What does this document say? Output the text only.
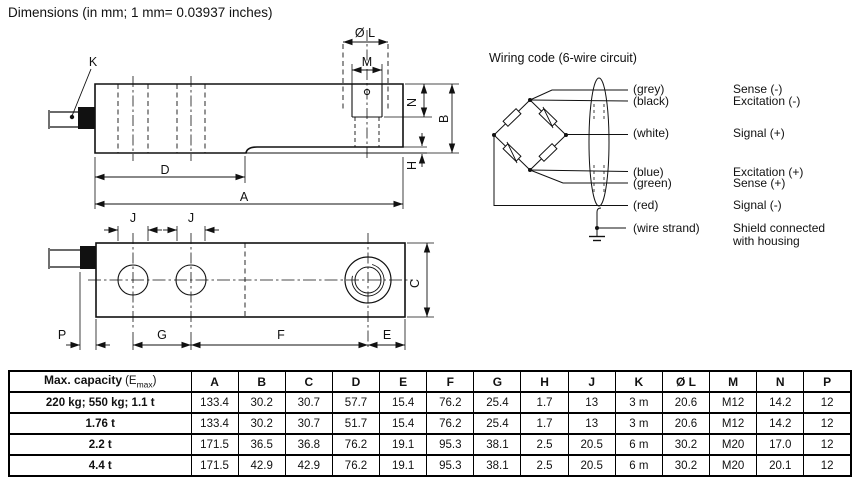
Dimensions (in mm; 1 mm= 0.03937 inches)
K
Ø L
M
N
B
H
D
A
J	J
C
P	G	F	E
Wiring code (6-wire circuit)
(grey)
(black)
(white)
(blue)
(green)
(red)
(wire strand)
Sense (-)
Excitation (-)
Signal (+)
Excitation (+)
Sense (+)
Signal (-)
Shield connected with housing
Max. capacity $(E_{max})$	A	B	C	D	E	F	G	H	J	K	Ø L	M	N	P
220 kg; 550 kg; 1.1 t	133.4	30.2	30.7	57.7	15.4	76.2	25.4	1.7	13	3 m	20.6	M12	14.2	12
1.76 t	133.4	30.2	30.7	51.7	15.4	76.2	25.4	1.7	13	3 m	20.6	M12	14.2	12
2.2 t	171.5	36.5	36.8	76.2	19.1	95.3	38.1	2.5	20.5	6 m	30.2	M20	17.0	12
4.4 t	171.5	42.9	42.9	76.2	19.1	95.3	38.1	2.5	20.5	6 m	30.2	M20	20.1	12
